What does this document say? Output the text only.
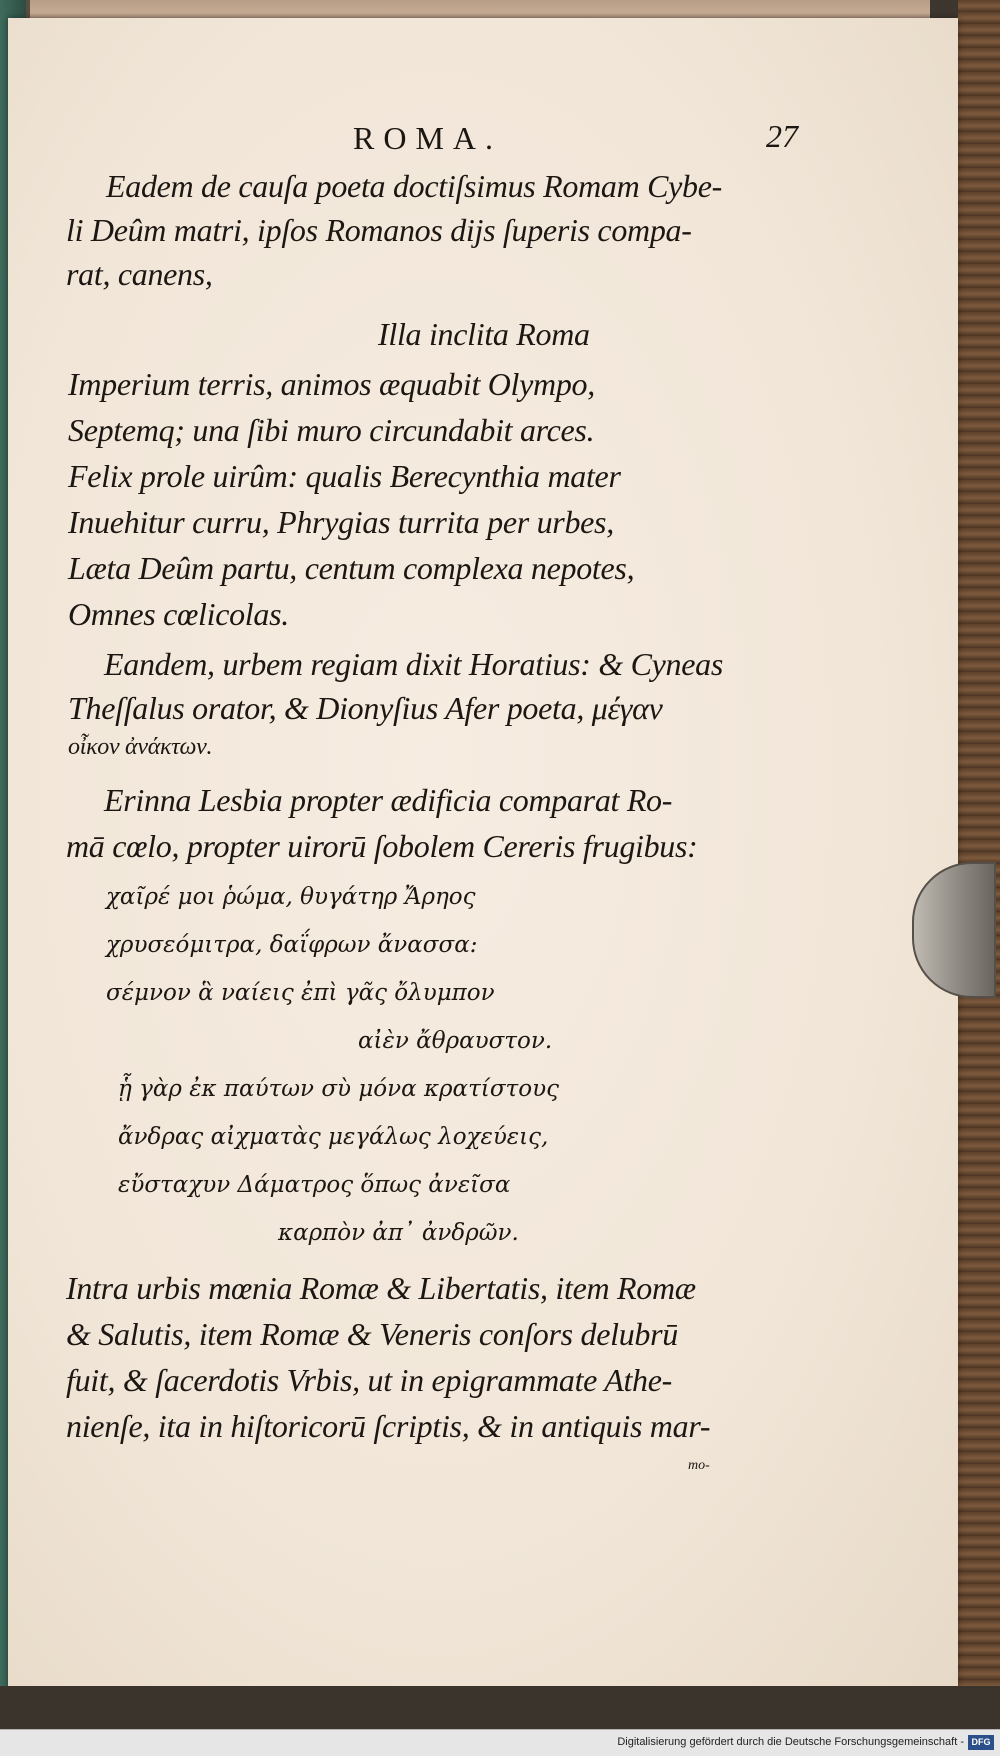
ROMA.	27
Eadem de cauſa poeta doctiſsimus Romam Cybe-
li Deûm matri, ipſos Romanos dijs ſuperis compa-
rat, canens,
Illa inclita Roma
Imperium terris, animos æquabit Olympo,
Septemq; una ſibi muro circundabit arces.
Felix prole uirûm: qualis Berecynthia mater
Inuehitur curru, Phrygias turrita per urbes,
Læta Deûm partu, centum complexa nepotes,
Omnes cœlicolas.
Eandem, urbem regiam dixit Horatius: & Cyneas
Theſſalus orator, & Dionyſius Afer poeta, μέγαν
οἶκον ἀνάκτων.
Erinna Lesbia propter ædificia comparat Ro-
mā cœlo, propter uirorū ſobolem Cereris frugibus:
χαῖρέ μοι ῥώμα, θυγάτηρ Ἄρηος
χρυσεόμιτρα, δαΐφρων ἄνασσα:
σέμνον ἃ ναίεις ἐπὶ γᾶς ὄλυμπον
αἰὲν ἄθραυστον.
ᾗ γὰρ ἐκ παύτων σὺ μόνα κρατίστους
ἄνδρας αἰχματὰς μεγάλως λοχεύεις,
εὔσταχυν Δάματρος ὅπως ἀνεῖσα
καρπὸν ἀπ᾽ ἀνδρῶν.
Intra urbis mœnia Romæ & Libertatis, item Romæ
& Salutis, item Romæ & Veneris conſors delubrū
fuit, & ſacerdotis Vrbis, ut in epigrammate Athe-
nienſe, ita in hiſtoricorū ſcriptis, & in antiquis mar-
mo-
Digitalisierung gefördert durch die Deutsche Forschungsgemeinschaft - DFG
